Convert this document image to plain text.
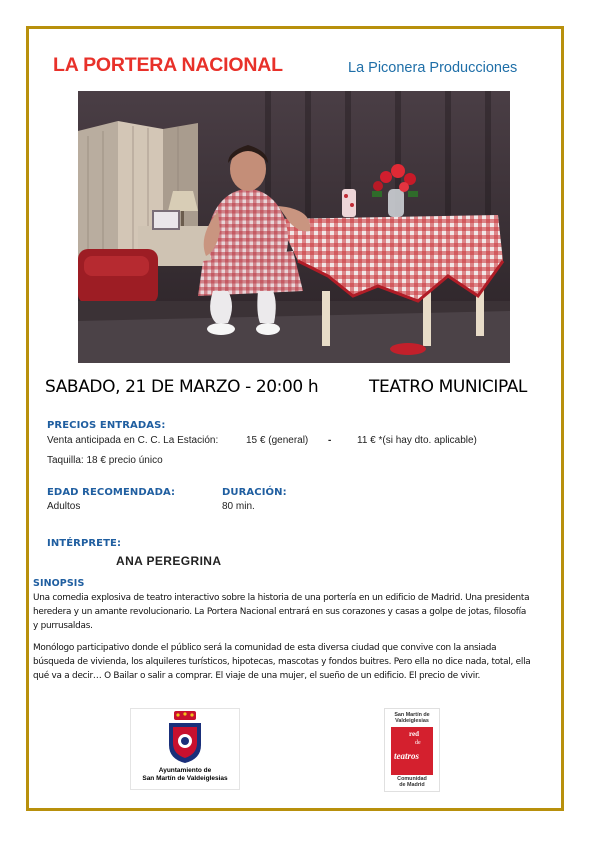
LA PORTERA NACIONAL	La Piconera Producciones
SABADO, 21 DE MARZO - 20:00 h	TEATRO MUNICIPAL
PRECIOS ENTRADAS:
Venta anticipada en C. C. La Estación:	15 € (general) -	11 € *(si hay dto. aplicable)
Taquilla: 18 € precio único
EDAD RECOMENDADA:
Adultos
DURACIÓN:
80 min.
INTÉRPRETE:
ANA PEREGRINA
SINOPSIS
Una comedia explosiva de teatro interactivo sobre la historia de una portería en un edificio de Madrid. Una presidenta
heredera y un amante revolucionario. La Portera Nacional entrará en sus corazones y casas a golpe de jotas, filosofía
y purrusaldas.
Monólogo participativo donde el público será la comunidad de esta diversa ciudad que convive con la ansiada
búsqueda de vivienda, los alquileres turísticos, hipotecas, mascotas y fondos buitres. Pero ella no dice nada, total, ella
qué va a decir… O Bailar o salir a comprar. El viaje de una mujer, el sueño de un edificio. El precio de vivir.
Ayuntamiento de
San Martín de Valdeiglesias
San Martín de
Valdeiglesias
red
de
teatros
Comunidad
de Madrid
